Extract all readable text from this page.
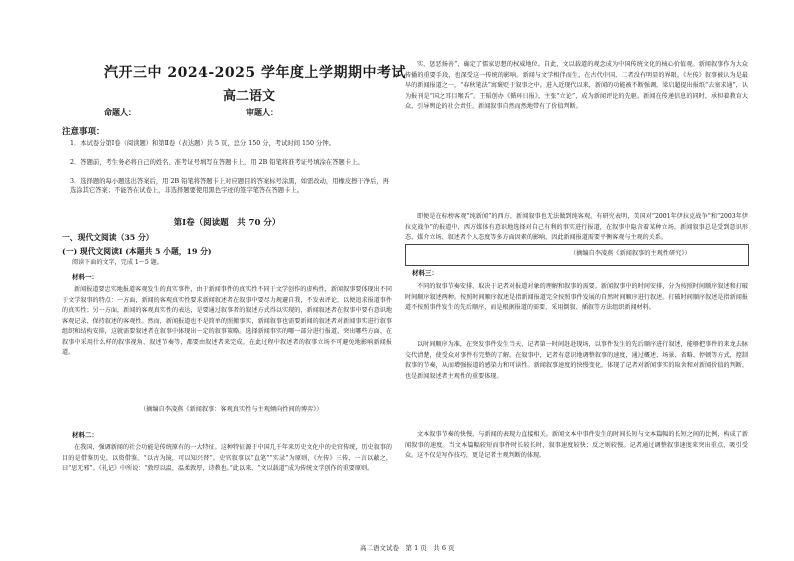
汽开三中 2024-2025 学年度上学期期中考试
高二语文
命题人：	审题人：
注意事项：
1．本试卷分第Ⅰ卷（阅读题）和第Ⅱ卷（表达题）共 5 页，总分 150 分，考试时间 150 分钟。
2．答题前，考生务必将自己的姓名、准考证号填写在答题卡上，用 2B 铅笔将准考证号填涂在答题卡上。
3．选择题的每小题选出答案后，用 2B 铅笔将答题卡上对应题目的答案标号涂黑，如需改动，用橡皮擦干净后，再选涂其它答案；不能答在试卷上，非选择题要使用黑色字迹的签字笔答在答题卡上。
第Ⅰ卷（阅读题　共 70 分）
一、现代文阅读（35 分）
(一) 现代文阅读Ⅰ (本题共 5 小题，19 分)
阅读下面的文字，完成 1～5 题。
材料一：
新闻报道要忠实地报道客观发生的真实事件，由于新闻事件的真实性不同于文学创作的虚构性，新闻叙事要体现出不同于文学叙事的特点：一方面，新闻的客观真实性要求新闻叙述者在叙事中要尽力规避自我，不发表评论，以便追求报道事件的真实性；另一方面，新闻的客观真实性的表达，是要通过叙事者的叙述方式得以实现的，新闻叙述者在叙事中要有意识地客观记录、保持叙述的客观性。然而，新闻报道也不是简单的照搬事实，新闻叙事也需要新闻的叙述者对新闻事实进行叙事组织和结构安排，这就需要叙述者在叙事中体现出一定的叙事策略。选择新闻事实的哪一部分进行报道、突出哪些方面、在叙事中采用什么样的叙事视角、叙述节奏等，都要由叙述者来完成。在此过程中叙述者的叙事立场不可避免地影响新闻报道。
（摘编自李凌燕《新闻叙事：客观真实性与主观倾向性间的博弈》）
材料二：
在我国，强调新闻的社会功能是传统原有的一大特征。这种特征源于中国几千年来历史文化中的史官传统，历史叙事的目的是借鉴历史，以资借鉴。“以古为镜，可以知兴替”。史官叙事以“直笔”“实录”为原则，《左传》三传，一言以蔽之，曰“思无邪”。《礼记》中所说：“敦厚以温，温柔敦厚，诗教也。”此以来，“文以载道”成为传统文学创作的重要原则。
实，惩恶扬善”，确定了儒家思想的权威地位。自此，文以载道的观念成为中国传统文化的核心价值观。新闻叙事作为大众传播的重要手段，也深受这一传统的影响。新闻与文学相伴而生，在古代中国，二者没有明显的界限。《左传》叙事被认为是最早的新闻报道之一，“春秋笔法”寓褒贬于叙事之中。进入近现代以来，新闻的功能被不断强调，梁启超提出报纸“去塞求通”，认为报刊是“国之耳目喉舌”。王韬创办《循环日报》，主张“立论”，成为新闻评论的先驱。新闻在传递信息的同时，承担着教育大众、引导舆论的社会责任，新闻叙事自然而然地带有了价值判断。
即便是在标榜客观“纯新闻”的西方，新闻叙事也无法做到纯客观。有研究表明，美国对“2001年伊拉克战争”和“2003年伊拉克战争”的报道中，西方媒体有意识地选择对自己有利的事实进行报道，在叙事中隐含着某种立场。新闻叙事总是受到意识形态、媒介立场、叙述者个人态度等多方面因素的影响，因此新闻报道需要平衡客观与主观的关系。
（摘编自李凌燕《新闻叙事的主观性研究》）
材料三：
不同的叙事节奏安排，取决于记者对报道对象的理解和叙事的需要。新闻叙事中的时间安排，分为按照时间顺序叙述和打破时间顺序叙述两种。按照时间顺序叙述是指新闻报道完全按照事件发展的自然时间顺序进行叙述。打破时间顺序叙述是指新闻报道不按照事件发生的先后顺序，而是根据报道的需要，采用倒叙、插叙等方法组织新闻材料。
以时间顺序为准，在突发事件发生当天，记者第一时间赶赴现场，以事件发生的先后顺序进行叙述，能够把事件的来龙去脉交代清楚，使受众对事件有完整的了解。在叙事中，记者有意识地调整叙事的速度，通过概述、场景、省略、停顿等方式，控制叙事的节奏，从而增强报道的感染力和可读性。新闻叙事速度的快慢变化，体现了记者对新闻事实的取舍和对新闻价值的判断，也是新闻叙述者主观性的重要体现。
文本叙事节奏的快慢，与新闻的表现力直接相关。新闻文本中事件发生的时间长短与文本篇幅的长短之间的比例，构成了新闻叙事的速度。当文本篇幅较短而事件时长较长时，叙事速度较快；反之则较慢。记者通过调整叙事速度来突出重点，吸引受众。这不仅是写作技巧，更是记者主观判断的体现。
高二语文试卷　第 1 页　共 6 页
